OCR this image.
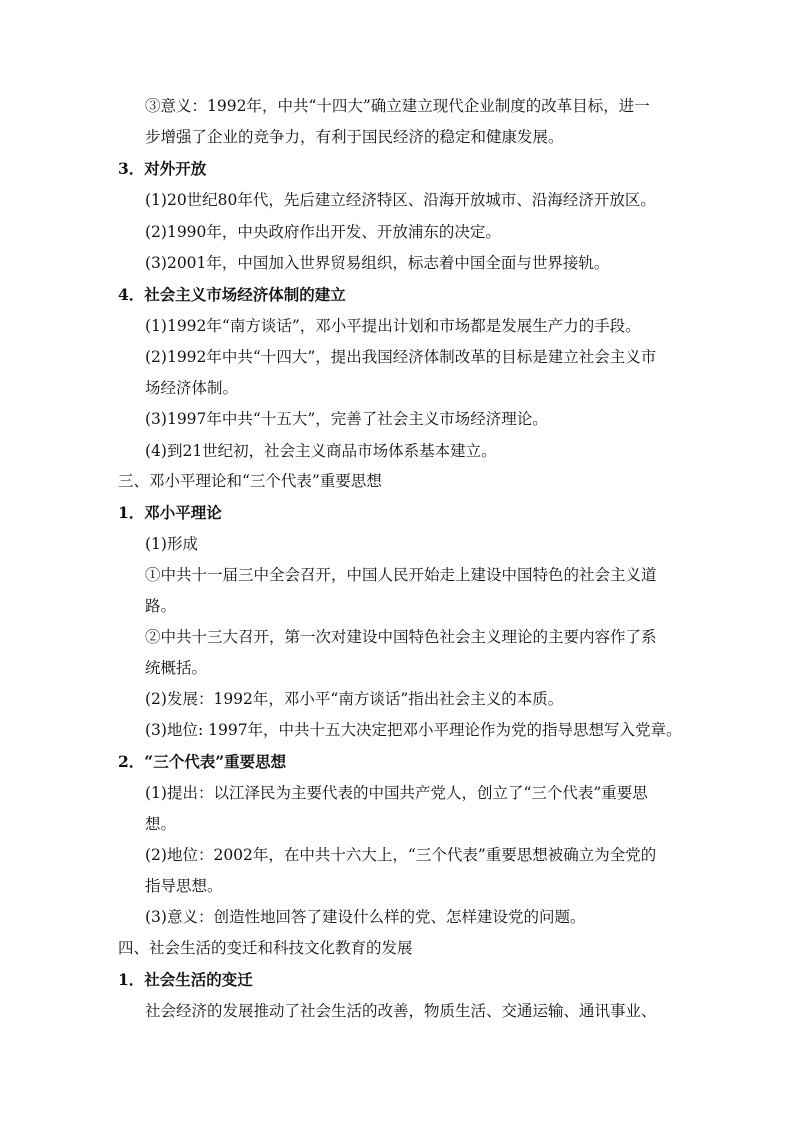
③意义：1992年，中共“十四大”确立建立现代企业制度的改革目标，进一
步增强了企业的竞争力，有利于国民经济的稳定和健康发展。
3．对外开放
(1)20世纪80年代，先后建立经济特区、沿海开放城市、沿海经济开放区。
(2)1990年，中央政府作出开发、开放浦东的决定。
(3)2001年，中国加入世界贸易组织，标志着中国全面与世界接轨。
4．社会主义市场经济体制的建立
(1)1992年“南方谈话”，邓小平提出计划和市场都是发展生产力的手段。
(2)1992年中共“十四大”，提出我国经济体制改革的目标是建立社会主义市
场经济体制。
(3)1997年中共“十五大”，完善了社会主义市场经济理论。
(4)到21世纪初，社会主义商品市场体系基本建立。
三、邓小平理论和“三个代表”重要思想
1．邓小平理论
(1)形成
①中共十一届三中全会召开，中国人民开始走上建设中国特色的社会主义道
路。
②中共十三大召开，第一次对建设中国特色社会主义理论的主要内容作了系
统概括。
(2)发展：1992年，邓小平“南方谈话”指出社会主义的本质。
(3)地位: 1997年，中共十五大决定把邓小平理论作为党的指导思想写入党章。
2．“三个代表”重要思想
(1)提出：以江泽民为主要代表的中国共产党人，创立了“三个代表”重要思
想。
(2)地位：2002年，在中共十六大上，“三个代表”重要思想被确立为全党的
指导思想。
(3)意义：创造性地回答了建设什么样的党、怎样建设党的问题。
四、社会生活的变迁和科技文化教育的发展
1．社会生活的变迁
社会经济的发展推动了社会生活的改善，物质生活、交通运输、通讯事业、
